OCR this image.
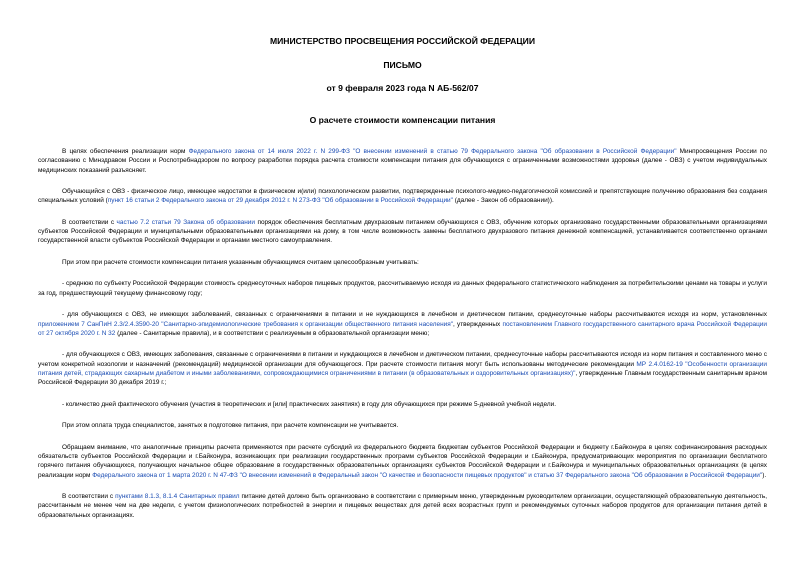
МИНИСТЕРСТВО ПРОСВЕЩЕНИЯ РОССИЙСКОЙ ФЕДЕРАЦИИ

ПИСЬМО

от 9 февраля 2023 года N АБ-562/07

О расчете стоимости компенсации питания

В целях обеспечения реализации норм Федерального закона от 14 июля 2022 г. N 299-ФЗ "О внесении изменений в статью 79 Федерального закона "Об образовании в Российской Федерации" Минпросвещения России по согласованию с Минздравом России и Роспотребнадзором по вопросу разработки порядка расчета стоимости компенсации питания для обучающихся с ограниченными возможностями здоровья (далее - ОВЗ) с учетом индивидуальных медицинских показаний разъясняет.

Обучающийся с ОВЗ - физическое лицо, имеющее недостатки в физическом и(или) психологическом развитии, подтвержденные психолого-медико-педагогической комиссией и препятствующие получению образования без создания специальных условий (пункт 16 статьи 2 Федерального закона от 29 декабря 2012 г. N 273-ФЗ "Об образовании в Российской Федерации" (далее - Закон об образовании)).

В соответствии с частью 7.2 статьи 79 Закона об образовании порядок обеспечения бесплатным двухразовым питанием обучающихся с ОВЗ, обучение которых организовано государственными образовательными организациями субъектов Российской Федерации и муниципальными образовательными организациями на дому, в том числе возможность замены бесплатного двухразового питания денежной компенсацией, устанавливается соответственно органами государственной власти субъектов Российской Федерации и органами местного самоуправления.

При этом при расчете стоимости компенсации питания указанным обучающимся считаем целесообразным учитывать:

- среднюю по субъекту Российской Федерации стоимость среднесуточных наборов пищевых продуктов, рассчитываемую исходя из данных федерального статистического наблюдения за потребительскими ценами на товары и услуги за год, предшествующий текущему финансовому году;

- для обучающихся с ОВЗ, не имеющих заболеваний, связанных с ограничениями в питании и не нуждающихся в лечебном и диетическом питании, среднесуточные наборы рассчитываются исходя из норм, установленных приложением 7 СанПиН 2.3/2.4.3590-20 "Санитарно-эпидемиологические требования к организации общественного питания населения", утвержденных постановлением Главного государственного санитарного врача Российской Федерации от 27 октября 2020 г. N 32 (далее - Санитарные правила), и в соответствии с реализуемым в образовательной организации меню;

- для обучающихся с ОВЗ, имеющих заболевания, связанные с ограничениями в питании и нуждающихся в лечебном и диетическом питании, среднесуточные наборы рассчитываются исходя из норм питания и составленного меню с учетом конкретной нозологии и назначений (рекомендаций) медицинской организации для обучающегося. При расчете стоимости питания могут быть использованы методические рекомендации МР 2.4.0162-19 "Особенности организации питания детей, страдающих сахарным диабетом и иными заболеваниями, сопровождающимися ограничениями в питании (в образовательных и оздоровительных организациях)", утвержденные Главным государственным санитарным врачом Российской Федерации 30 декабря 2019 г.;

- количество дней фактического обучения (участия в теоретических и [или] практических занятиях) в году для обучающихся при режиме 5-дневной учебной недели.

При этом оплата труда специалистов, занятых в подготовке питания, при расчете компенсации не учитывается.

Обращаем внимание, что аналогичные принципы расчета применяются при расчете субсидий из федерального бюджета бюджетам субъектов Российской Федерации и бюджету г.Байконура в целях софинансирования расходных обязательств субъектов Российской Федерации и г.Байконура, возникающих при реализации государственных программ субъектов Российской Федерации и г.Байконура, предусматривающих мероприятия по организации бесплатного горячего питания обучающихся, получающих начальное общее образование в государственных образовательных организациях субъектов Российской Федерации и г.Байконура и муниципальных образовательных организациях (в целях реализации норм Федерального закона от 1 марта 2020 г. N 47-ФЗ "О внесении изменений в Федеральный закон "О качестве и безопасности пищевых продуктов" и статью 37 Федерального закона "Об образовании в Российской Федерации").

В соответствии с пунктами 8.1.3, 8.1.4 Санитарных правил питание детей должно быть организовано в соответствии с примерным меню, утвержденным руководителем организации, осуществляющей образовательную деятельность, рассчитанным не менее чем на две недели, с учетом физиологических потребностей в энергии и пищевых веществах для детей всех возрастных групп и рекомендуемых суточных наборов продуктов для организации питания детей в образовательных организациях.
